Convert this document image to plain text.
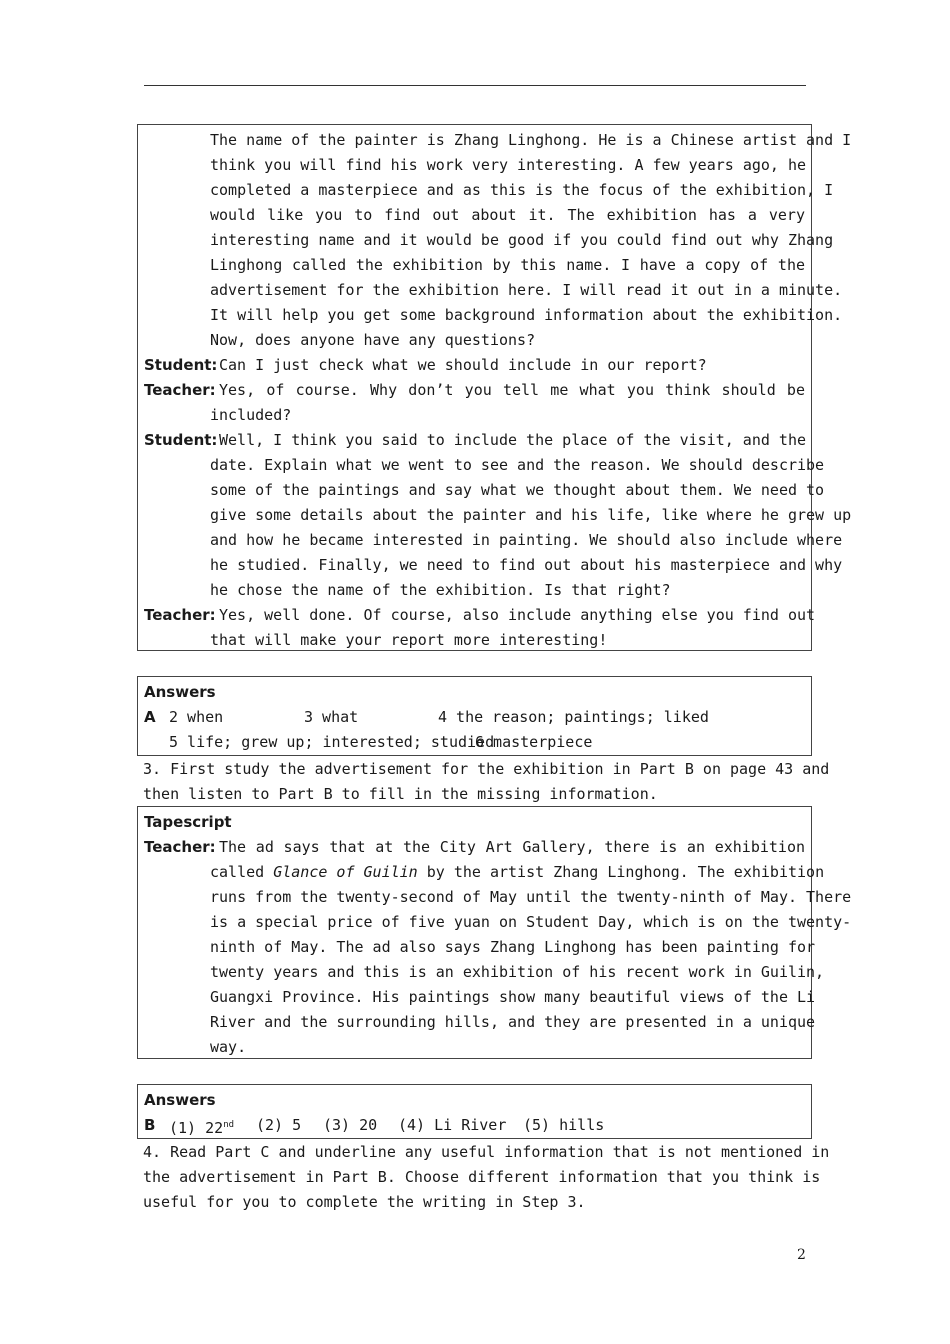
The name of the painter is Zhang Linghong. He is a Chinese artist and I
think you will find his work very interesting. A few years ago, he
completed a masterpiece and as this is the focus of the exhibition, I
would like you to find out about it. The exhibition has a very
interesting name and it would be good if you could find out why Zhang
Linghong called the exhibition by this name. I have a copy of the
advertisement for the exhibition here. I will read it out in a minute.
It will help you get some background information about the exhibition.
Now, does anyone have any questions?
Student: Can I just check what we should include in our report?
Teacher: Yes, of course. Why don’t you tell me what you think should be
included?
Student: Well, I think you said to include the place of the visit, and the
date. Explain what we went to see and the reason. We should describe
some of the paintings and say what we thought about them. We need to
give some details about the painter and his life, like where he grew up
and how he became interested in painting. We should also include where
he studied. Finally, we need to find out about his masterpiece and why
he chose the name of the exhibition. Is that right?
Teacher: Yes, well done. Of course, also include anything else you find out
that will make your report more interesting!
Answers
A 2 when	3 what	4 the reason; paintings; liked
5 life; grew up; interested; studied
6 masterpiece
3. First study the advertisement for the exhibition in Part B on page 43 and
then listen to Part B to fill in the missing information.
Tapescript
Teacher: The ad says that at the City Art Gallery, there is an exhibition
called Glance of Guilin by the artist Zhang Linghong. The exhibition
runs from the twenty-second of May until the twenty-ninth of May. There
is a special price of five yuan on Student Day, which is on the twenty-
ninth of May. The ad also says Zhang Linghong has been painting for
twenty years and this is an exhibition of his recent work in Guilin,
Guangxi Province. His paintings show many beautiful views of the Li
River and the surrounding hills, and they are presented in a unique
way.
Answers
B (1) 22nd (2) 5 (3) 20 (4) Li River (5) hills
4. Read Part C and underline any useful information that is not mentioned in
the advertisement in Part B. Choose different information that you think is
useful for you to complete the writing in Step 3.
2
